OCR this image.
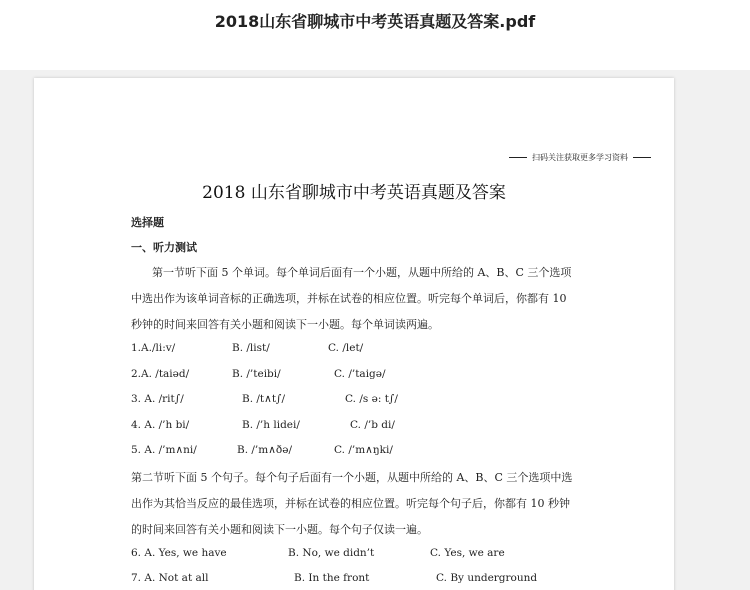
2018山东省聊城市中考英语真题及答案.pdf
扫码关注获取更多学习资料
2018 山东省聊城市中考英语真题及答案
选择题
一、听力测试
第一节听下面 5 个单词。每个单词后面有一个小题，从题中所给的 A、B、C 三个选项
中选出作为该单词音标的正确选项，并标在试卷的相应位置。听完每个单词后，你都有 10
秒钟的时间来回答有关小题和阅读下一小题。每个单词读两遍。
1.A./li:v/	B. /list/	C. /let/
2.A. /taiəd/	B. /’teibi/	C. /’taigə/
3. A. /rit∫/	B. /t∧t∫/	C. /s ə: t∫/
4. A. /’h bi/	B. /’h lidei/	C. /’b di/
5. A. /’m∧ni/	B. /’m∧ðə/	C. /’m∧ŋki/
第二节听下面 5 个句子。每个句子后面有一个小题，从题中所给的 A、B、C 三个选项中选
出作为其恰当反应的最佳选项，并标在试卷的相应位置。听完每个句子后，你都有 10 秒钟
的时间来回答有关小题和阅读下一小题。每个句子仅读一遍。
6. A. Yes, we have	B. No, we didn’t	C. Yes, we are
7. A. Not at all	B. In the front	C. By underground
